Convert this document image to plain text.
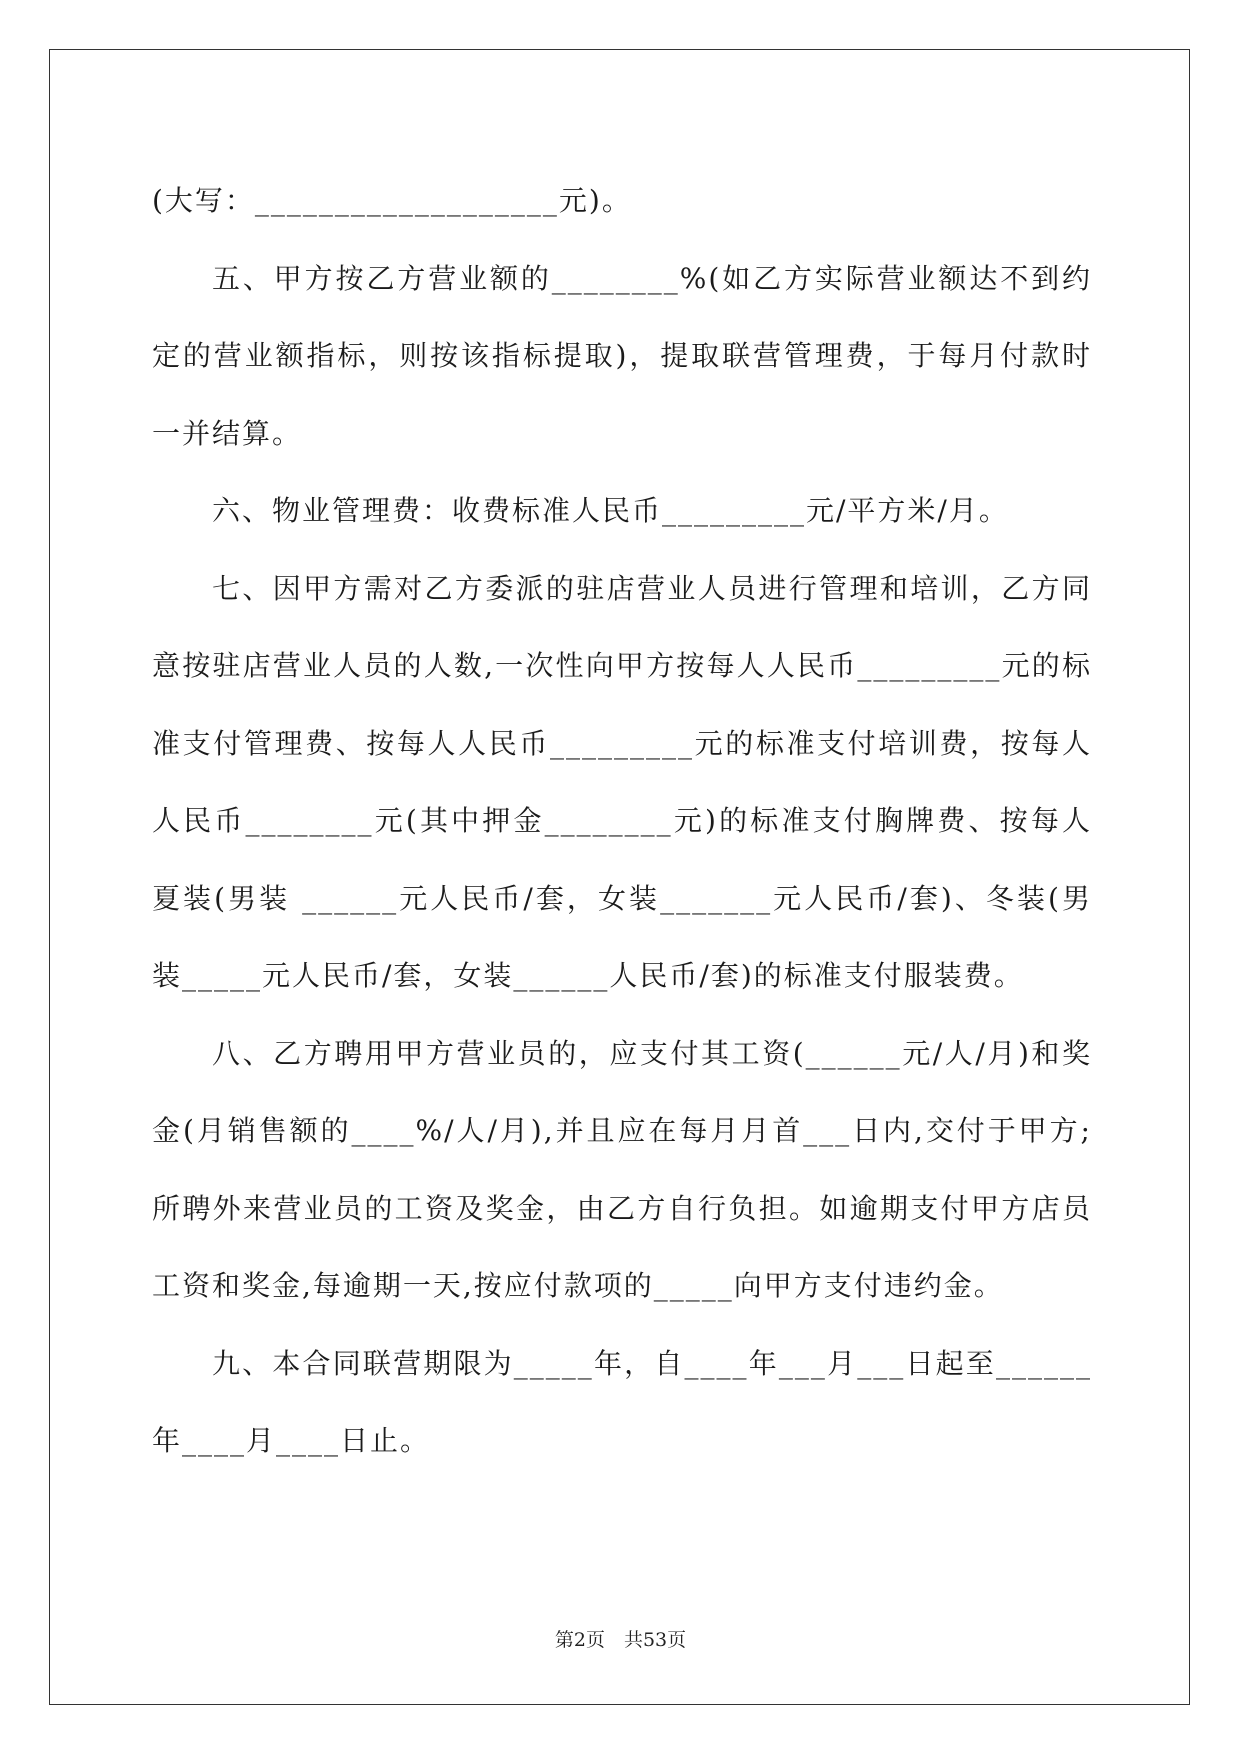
(大写：___________________元)。

五、甲方按乙方营业额的________%(如乙方实际营业额达不到约定的营业额指标，则按该指标提取)，提取联营管理费，于每月付款时一并结算。

六、物业管理费：收费标准人民币_________元/平方米/月。

七、因甲方需对乙方委派的驻店营业人员进行管理和培训，乙方同意按驻店营业人员的人数,一次性向甲方按每人人民币_________元的标准支付管理费、按每人人民币_________元的标准支付培训费，按每人人民币________元(其中押金________元)的标准支付胸牌费、按每人夏装(男装 ______元人民币/套，女装_______元人民币/套)、冬装(男装_____元人民币/套，女装______人民币/套)的标准支付服装费。

八、乙方聘用甲方营业员的，应支付其工资(______元/人/月)和奖金(月销售额的____%/人/月),并且应在每月月首___日内,交付于甲方;所聘外来营业员的工资及奖金，由乙方自行负担。如逾期支付甲方店员工资和奖金,每逾期一天,按应付款项的_____向甲方支付违约金。

九、本合同联营期限为_____年，自____年___月___日起至______年____月____日止。

第2页　共53页
